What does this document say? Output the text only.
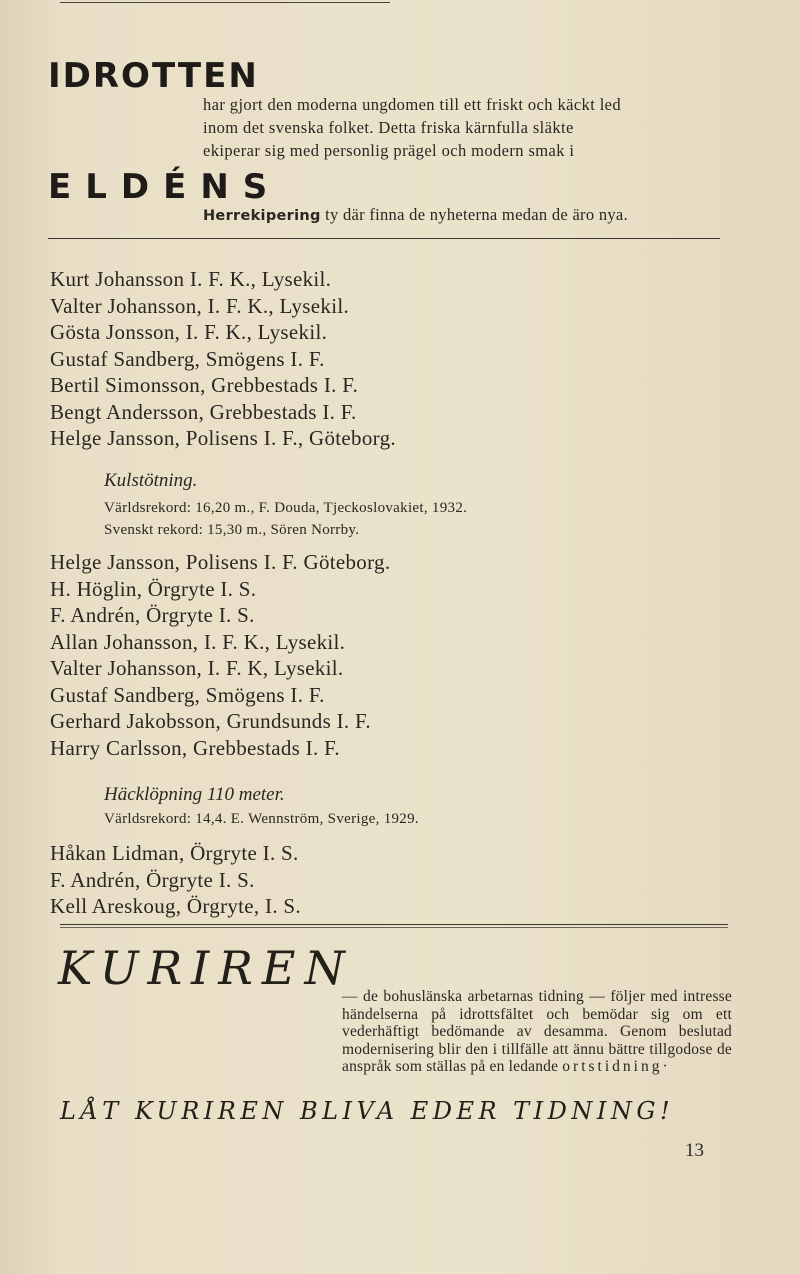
IDROTTEN

har gjort den moderna ungdomen till ett friskt och käckt led

inom det svenska folket. Detta friska kärnfulla släkte

ekiperar sig med personlig prägel och modern smak i

ELDÉNS
Herrekipering ty där finna de nyheterna medan de äro nya.
Kurt Johansson I. F. K., Lysekil.
Valter Johansson, I. F. K., Lysekil.
Gösta Jonsson, I. F. K., Lysekil.
Gustaf Sandberg, Smögens I. F.
Bertil Simonsson, Grebbestads I. F.
Bengt Andersson, Grebbestads I. F.
Helge Jansson, Polisens I. F., Göteborg.
Kulstötning.
Världsrekord: 16,20 m., F. Douda, Tjeckoslovakiet, 1932.
Svenskt rekord: 15,30 m., Sören Norrby.
Helge Jansson, Polisens I. F. Göteborg.
H. Höglin, Örgryte I. S.
F. Andrén, Örgryte I. S.
Allan Johansson, I. F. K., Lysekil.
Valter Johansson, I. F. K, Lysekil.
Gustaf Sandberg, Smögens I. F.
Gerhard Jakobsson, Grundsunds I. F.
Harry Carlsson, Grebbestads I. F.
Häcklöpning 110 meter.
Världsrekord: 14,4. E. Wennström, Sverige, 1929.
Håkan Lidman, Örgryte I. S.
F. Andrén, Örgryte I. S.
Kell Areskoug, Örgryte, I. S.
KURIREN
— de bohuslänska arbetarnas tidning — följer med intresse händelserna på idrottsfältet och bemödar sig om ett vederhäftigt bedömande av desamma. Genom beslutad modernisering blir den i tillfälle att ännu bättre tillgodose de anspråk som ställas på en ledande ortstidning·
LÅT KURIREN BLIVA EDER TIDNING!
13
